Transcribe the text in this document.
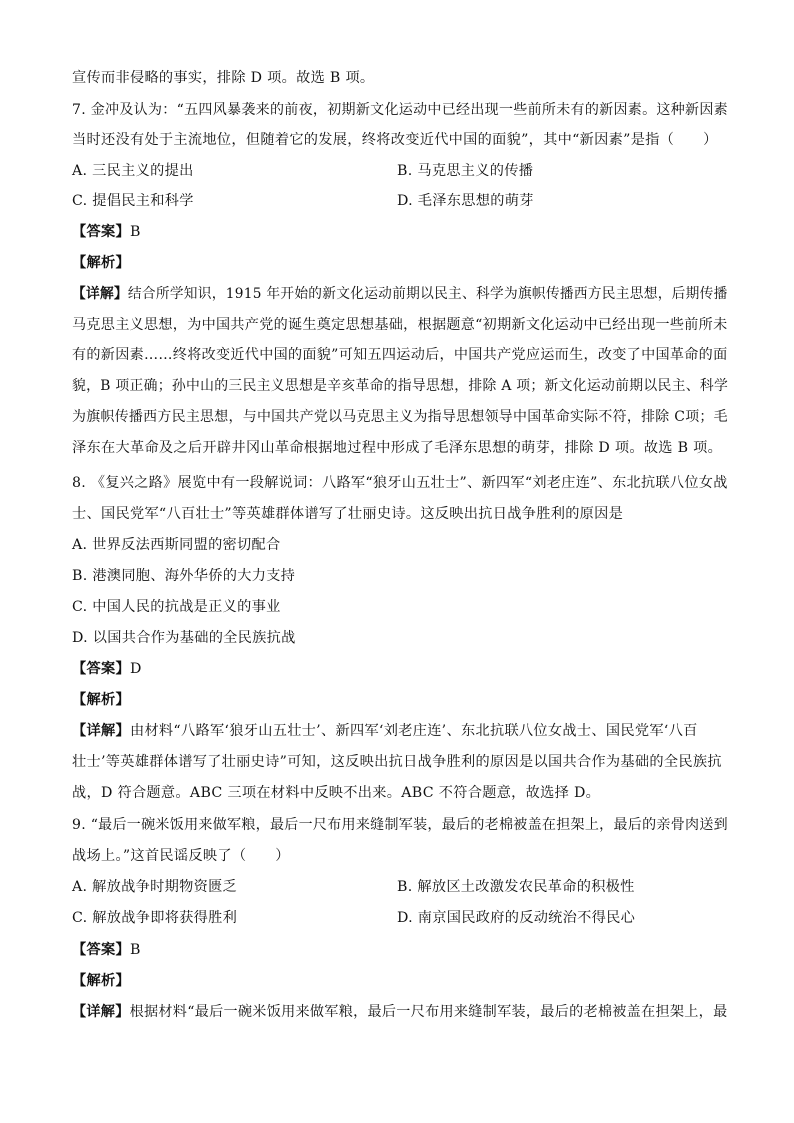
宣传而非侵略的事实，排除 D 项。故选 B 项。
7. 金冲及认为：“五四风暴袭来的前夜，初期新文化运动中已经出现一些前所未有的新因素。这种新因素
当时还没有处于主流地位，但随着它的发展，终将改变近代中国的面貌”，其中“新因素”是指（　　）
A. 三民主义的提出	B. 马克思主义的传播
C. 提倡民主和科学	D. 毛泽东思想的萌芽
【答案】B
【解析】
【详解】结合所学知识，1915 年开始的新文化运动前期以民主、科学为旗帜传播西方民主思想，后期传播
马克思主义思想，为中国共产党的诞生奠定思想基础，根据题意“初期新文化运动中已经出现一些前所未
有的新因素……终将改变近代中国的面貌”可知五四运动后，中国共产党应运而生，改变了中国革命的面
貌，B 项正确；孙中山的三民主义思想是辛亥革命的指导思想，排除 A 项；新文化运动前期以民主、科学
为旗帜传播西方民主思想，与中国共产党以马克思主义为指导思想领导中国革命实际不符，排除 C项；毛
泽东在大革命及之后开辟井冈山革命根据地过程中形成了毛泽东思想的萌芽，排除 D 项。故选 B 项。
8. 《复兴之路》展览中有一段解说词：八路军“狼牙山五壮士”、新四军“刘老庄连”、东北抗联八位女战
士、国民党军“八百壮士”等英雄群体谱写了壮丽史诗。这反映出抗日战争胜利的原因是
A. 世界反法西斯同盟的密切配合
B. 港澳同胞、海外华侨的大力支持
C. 中国人民的抗战是正义的事业
D. 以国共合作为基础的全民族抗战
【答案】D
【解析】
【详解】由材料“八路军‘狼牙山五壮士’、新四军‘刘老庄连’、东北抗联八位女战士、国民党军‘八百
壮士’等英雄群体谱写了壮丽史诗”可知，这反映出抗日战争胜利的原因是以国共合作为基础的全民族抗
战，D 符合题意。ABC 三项在材料中反映不出来。ABC 不符合题意，故选择 D。
9. “最后一碗米饭用来做军粮，最后一尺布用来缝制军装，最后的老棉被盖在担架上，最后的亲骨肉送到
战场上。”这首民谣反映了（　　）
A. 解放战争时期物资匮乏	B. 解放区土改激发农民革命的积极性
C. 解放战争即将获得胜利	D. 南京国民政府的反动统治不得民心
【答案】B
【解析】
【详解】根据材料“最后一碗米饭用来做军粮，最后一尺布用来缝制军装，最后的老棉被盖在担架上，最
